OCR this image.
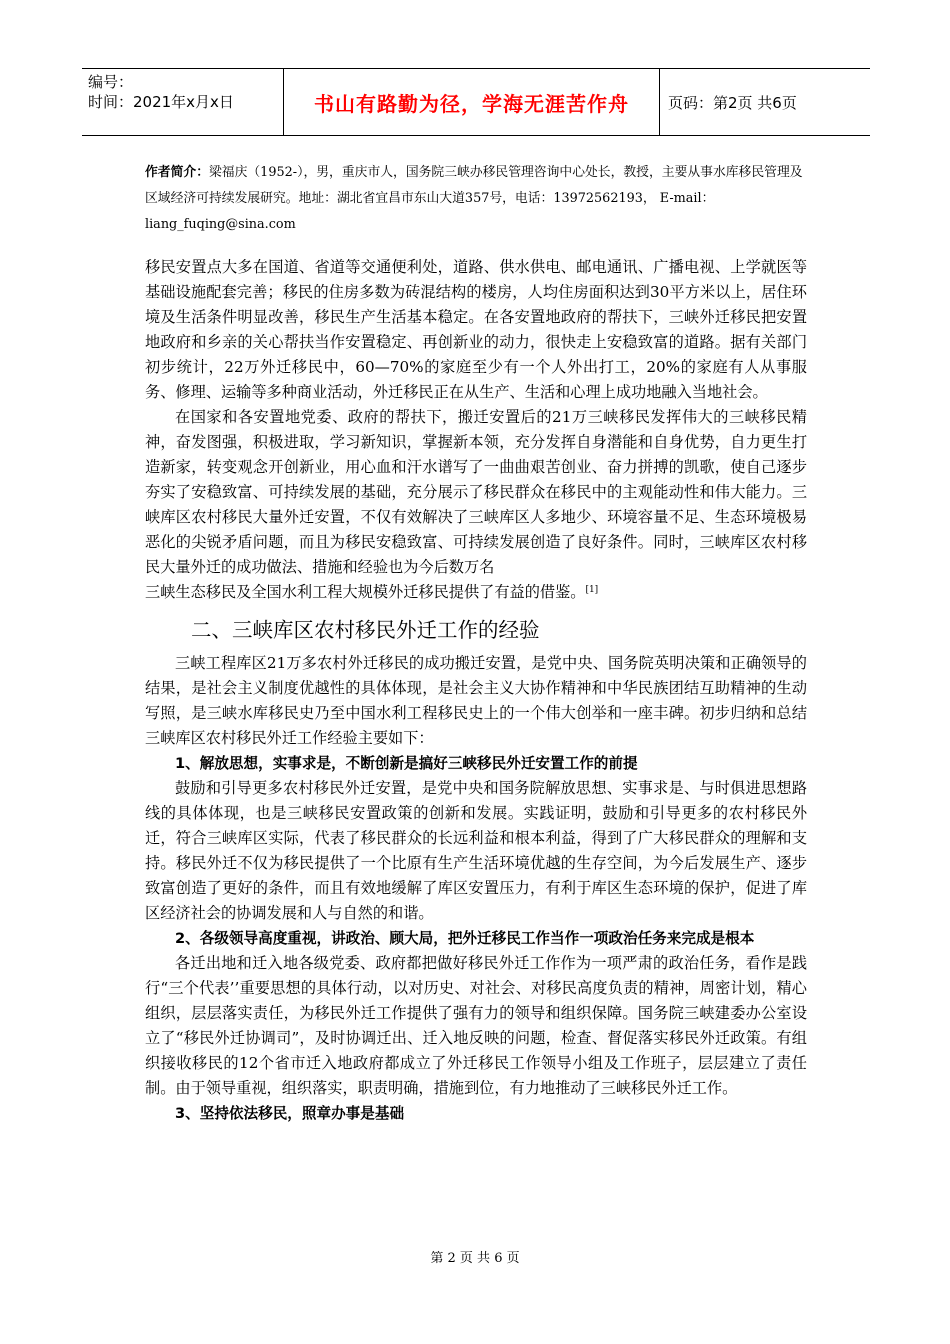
编号：
时间：2021年x月x日	书山有路勤为径，学海无涯苦作舟	页码：第2页 共6页
作者简介：梁福庆（1952-），男，重庆市人，国务院三峡办移民管理咨询中心处长，教授，主要从事水库移民管理及区域经济可持续发展研究。地址：湖北省宜昌市东山大道357号，电话：13972562193， E-mail：liang_fuqing@sina.com

移民安置点大多在国道、省道等交通便利处，道路、供水供电、邮电通讯、广播电视、上学就医等基础设施配套完善；移民的住房多数为砖混结构的楼房，人均住房面积达到30平方米以上，居住环境及生活条件明显改善，移民生产生活基本稳定。在各安置地政府的帮扶下，三峡外迁移民把安置地政府和乡亲的关心帮扶当作安置稳定、再创新业的动力，很快走上安稳致富的道路。据有关部门初步统计，22万外迁移民中，60—70%的家庭至少有一个人外出打工，20%的家庭有人从事服务、修理、运输等多种商业活动，外迁移民正在从生产、生活和心理上成功地融入当地社会。

在国家和各安置地党委、政府的帮扶下，搬迁安置后的21万三峡移民发挥伟大的三峡移民精神，奋发图强，积极进取，学习新知识，掌握新本领，充分发挥自身潜能和自身优势，自力更生打造新家，转变观念开创新业，用心血和汗水谱写了一曲曲艰苦创业、奋力拼搏的凯歌，使自己逐步夯实了安稳致富、可持续发展的基础，充分展示了移民群众在移民中的主观能动性和伟大能力。三峡库区农村移民大量外迁安置，不仅有效解决了三峡库区人多地少、环境容量不足、生态环境极易恶化的尖锐矛盾问题，而且为移民安稳致富、可持续发展创造了良好条件。同时，三峡库区农村移民大量外迁的成功做法、措施和经验也为今后数万名

三峡生态移民及全国水利工程大规模外迁移民提供了有益的借鉴。[1]

二、三峡库区农村移民外迁工作的经验

三峡工程库区21万多农村外迁移民的成功搬迁安置，是党中央、国务院英明决策和正确领导的结果，是社会主义制度优越性的具体体现，是社会主义大协作精神和中华民族团结互助精神的生动写照，是三峡水库移民史乃至中国水利工程移民史上的一个伟大创举和一座丰碑。初步归纳和总结三峡库区农村移民外迁工作经验主要如下：

1、解放思想，实事求是，不断创新是搞好三峡移民外迁安置工作的前提

鼓励和引导更多农村移民外迁安置，是党中央和国务院解放思想、实事求是、与时俱进思想路线的具体体现，也是三峡移民安置政策的创新和发展。实践证明，鼓励和引导更多的农村移民外迁，符合三峡库区实际，代表了移民群众的长远利益和根本利益，得到了广大移民群众的理解和支持。移民外迁不仅为移民提供了一个比原有生产生活环境优越的生存空间，为今后发展生产、逐步致富创造了更好的条件，而且有效地缓解了库区安置压力，有利于库区生态环境的保护，促进了库区经济社会的协调发展和人与自然的和谐。

2、各级领导高度重视，讲政治、顾大局，把外迁移民工作当作一项政治任务来完成是根本

各迁出地和迁入地各级党委、政府都把做好移民外迁工作作为一项严肃的政治任务，看作是践行“三个代表’’重要思想的具体行动，以对历史、对社会、对移民高度负责的精神，周密计划，精心组织，层层落实责任，为移民外迁工作提供了强有力的领导和组织保障。国务院三峡建委办公室设立了“移民外迁协调司”，及时协调迁出、迁入地反映的问题，检查、督促落实移民外迁政策。有组织接收移民的12个省市迁入地政府都成立了外迁移民工作领导小组及工作班子，层层建立了责任制。由于领导重视，组织落实，职责明确，措施到位，有力地推动了三峡移民外迁工作。

3、坚持依法移民，照章办事是基础

第 2 页 共 6 页
